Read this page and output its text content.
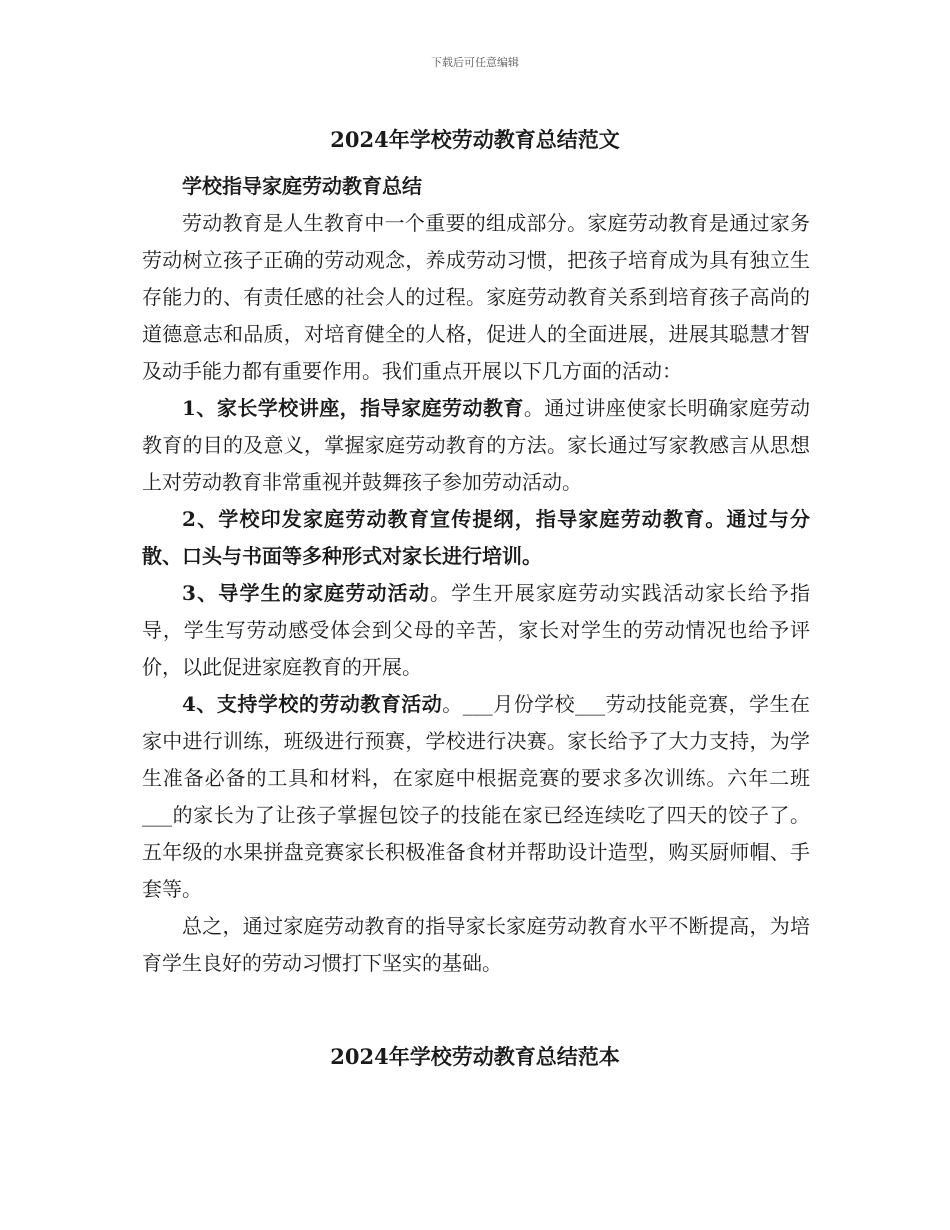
下载后可任意编辑
2024年学校劳动教育总结范文

学校指导家庭劳动教育总结

劳动教育是人生教育中一个重要的组成部分。家庭劳动教育是通过家务劳动树立孩子正确的劳动观念，养成劳动习惯，把孩子培育成为具有独立生存能力的、有责任感的社会人的过程。家庭劳动教育关系到培育孩子高尚的道德意志和品质，对培育健全的人格，促进人的全面进展，进展其聪慧才智及动手能力都有重要作用。我们重点开展以下几方面的活动：

1、家长学校讲座，指导家庭劳动教育。通过讲座使家长明确家庭劳动教育的目的及意义，掌握家庭劳动教育的方法。家长通过写家教感言从思想上对劳动教育非常重视并鼓舞孩子参加劳动活动。

2、学校印发家庭劳动教育宣传提纲，指导家庭劳动教育。通过与分散、口头与书面等多种形式对家长进行培训。

3、导学生的家庭劳动活动。学生开展家庭劳动实践活动家长给予指导，学生写劳动感受体会到父母的辛苦，家长对学生的劳动情况也给予评价，以此促进家庭教育的开展。

4、支持学校的劳动教育活动。___月份学校___劳动技能竞赛，学生在家中进行训练，班级进行预赛，学校进行决赛。家长给予了大力支持，为学生准备必备的工具和材料，在家庭中根据竞赛的要求多次训练。六年二班___的家长为了让孩子掌握包饺子的技能在家已经连续吃了四天的饺子了。五年级的水果拼盘竞赛家长积极准备食材并帮助设计造型，购买厨师帽、手套等。

总之，通过家庭劳动教育的指导家长家庭劳动教育水平不断提高，为培育学生良好的劳动习惯打下坚实的基础。

2024年学校劳动教育总结范本
